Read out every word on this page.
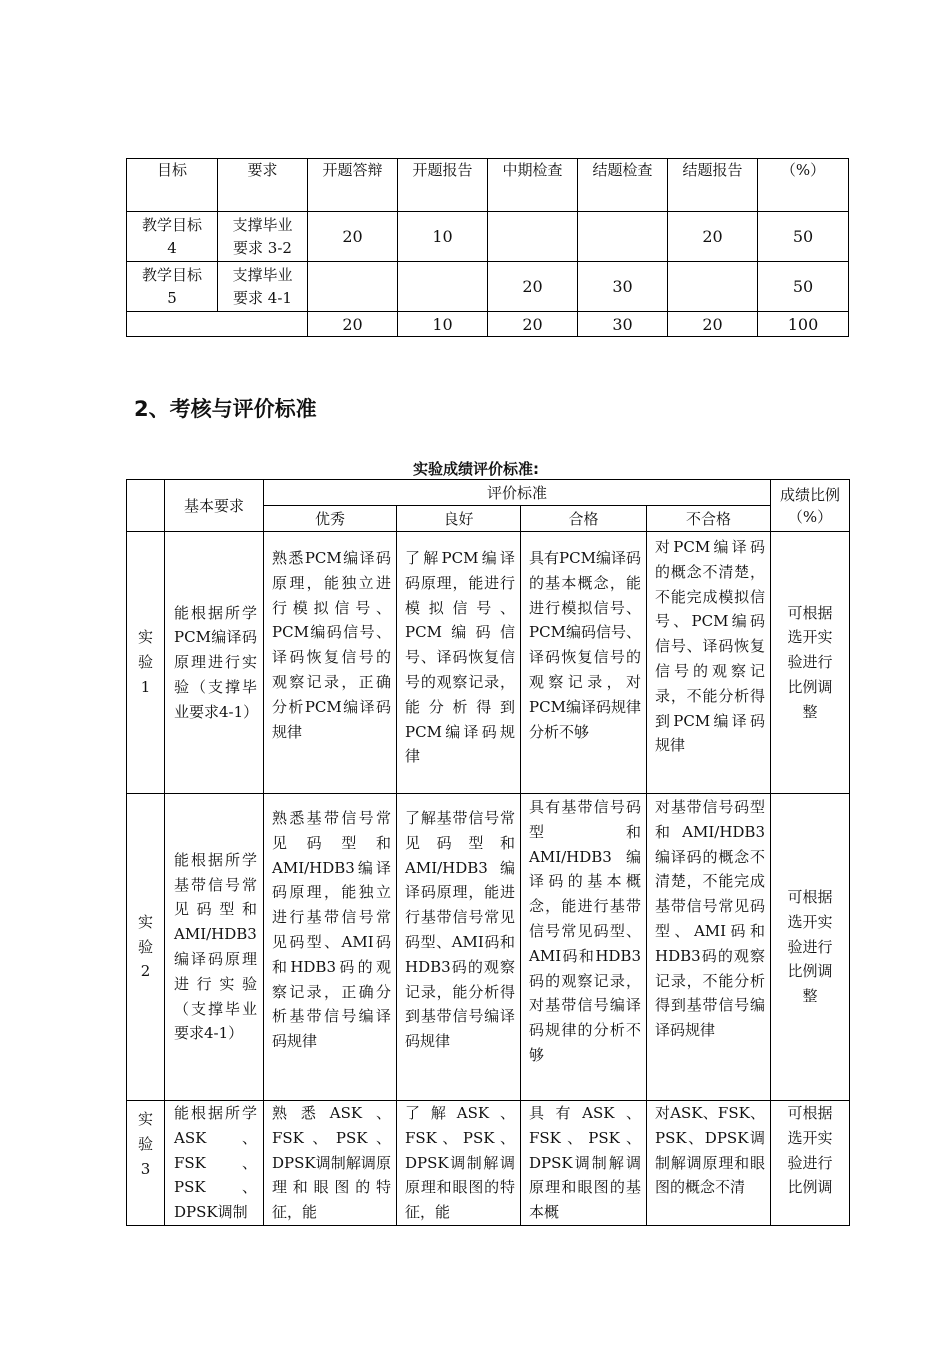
目标	要求	开题答辩	开题报告	中期检查	结题检查	结题报告	（%）
教学目标 4	支撑毕业要求 3-2	20	10			20	50
教学目标 5	支撑毕业要求 4-1			20	30		50
		20	10	20	30	20	100
2、考核与评价标准
实验成绩评价标准:
	基本要求	评价标准				成绩比例（%）
		优秀	良好	合格	不合格	
实验1	能根据所学PCM编译码原理进行实验（支撑毕业要求4-1）	熟悉PCM编译码原理，能独立进行模拟信号、PCM编码信号、译码恢复信号的观察记录，正确分析PCM编译码规律	了解PCM编译码原理，能进行模拟信号、PCM编码信号、译码恢复信号的观察记录，能分析得到PCM编译码规律	具有PCM编译码的基本概念，能进行模拟信号、PCM编码信号、译码恢复信号的观察记录，对PCM编译码规律分析不够	对PCM编译码的概念不清楚，不能完成模拟信号、PCM编码信号、译码恢复信号的观察记录，不能分析得到PCM编译码规律	可根据选开实验进行比例调整
实验2	能根据所学基带信号常见码型和AMI/HDB3编译码原理进行实验（支撑毕业要求4-1）	熟悉基带信号常见码型和AMI/HDB3编译码原理，能独立进行基带信号常见码型、AMI码和HDB3码的观察记录，正确分析基带信号编译码规律	了解基带信号常见码型和AMI/HDB3编译码原理，能进行基带信号常见码型、AMI码和HDB3码的观察记录，能分析得到基带信号编译码规律	具有基带信号码型和AMI/HDB3编译码的基本概念，能进行基带信号常见码型、AMI码和HDB3码的观察记录，对基带信号编译码规律的分析不够	对基带信号码型和AMI/HDB3编译码的概念不清楚，不能完成基带信号常见码型、AMI码和HDB3码的观察记录，不能分析得到基带信号编译码规律	可根据选开实验进行比例调整
实验3	能根据所学ASK、FSK、PSK、DPSK调制	熟悉ASK、FSK、PSK、DPSK调制解调原理和眼图的特征，能	了解ASK、FSK、PSK、DPSK调制解调原理和眼图的特征，能	具有ASK、FSK、PSK、DPSK调制解调原理和眼图的基本概	对ASK、FSK、PSK、DPSK调制解调原理和眼图的概念不清	可根据选开实验进行比例调
